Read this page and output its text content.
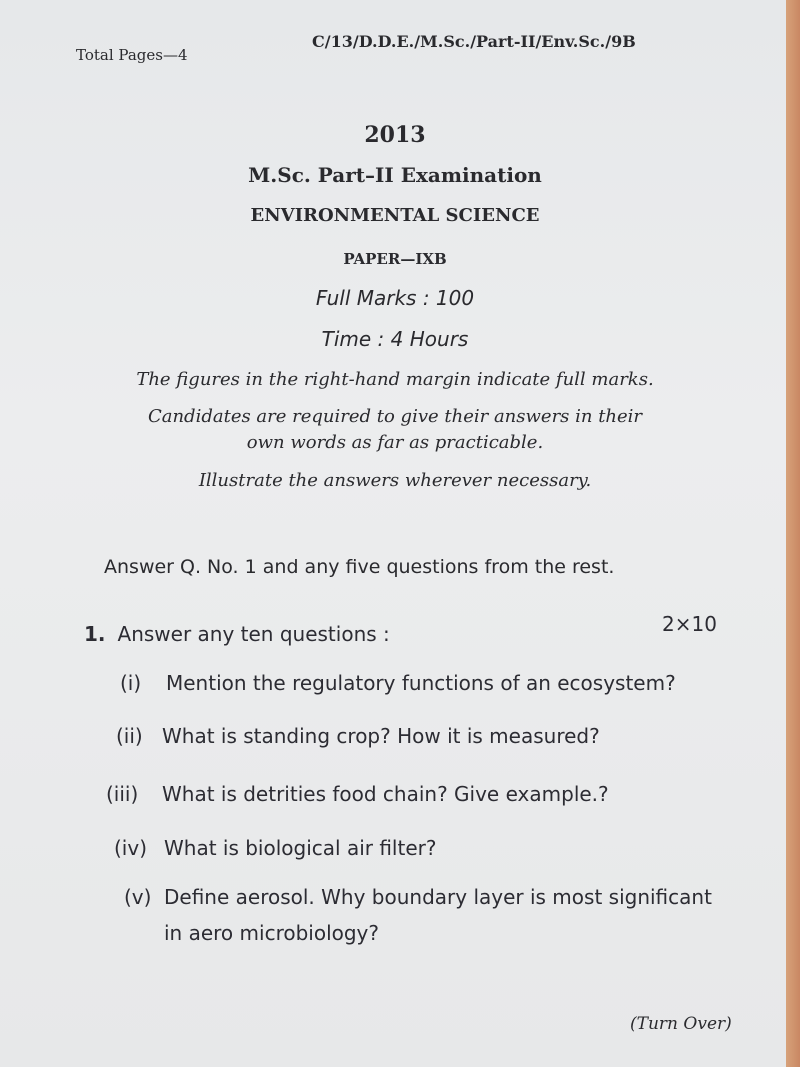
Total Pages—4
C/13/D.D.E./M.Sc./Part-II/Env.Sc./9B
2013
M.Sc. Part–II Examination
ENVIRONMENTAL SCIENCE
PAPER—IXB
Full Marks : 100
Time : 4 Hours
The figures in the right-hand margin indicate full marks.
Candidates are required to give their answers in their
own words as far as practicable.
Illustrate the answers wherever necessary.
Answer Q. No. 1 and any five questions from the rest.
1. Answer any ten questions :	2×10
(i) Mention the regulatory functions of an ecosystem?
(ii) What is standing crop? How it is measured?
(iii) What is detrities food chain? Give example.?
(iv) What is biological air filter?
(v) Define aerosol. Why boundary layer is most significant
in aero microbiology?
(Turn Over)
